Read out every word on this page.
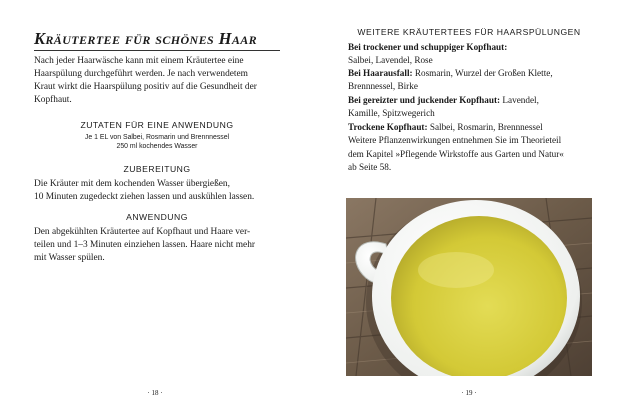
Kräutertee für schönes Haar
Nach jeder Haarwäsche kann mit einem Kräutertee eine
Haarspülung durchgeführt werden. Je nach verwendetem
Kraut wirkt die Haarspülung positiv auf die Gesundheit der
Kopfhaut.
ZUTATEN FÜR EINE ANWENDUNG
Je 1 EL von Salbei, Rosmarin und Brennnessel
250 ml kochendes Wasser
ZUBEREITUNG
Die Kräuter mit dem kochenden Wasser übergießen,
10 Minuten zugedeckt ziehen lassen und auskühlen lassen.
ANWENDUNG
Den abgekühlten Kräutertee auf Kopfhaut und Haare ver-
teilen und 1–3 Minuten einziehen lassen. Haare nicht mehr
mit Wasser spülen.
· 18 ·
WEITERE KRÄUTERTEES FÜR HAARSPÜLUNGEN
Bei trockener und schuppiger Kopfhaut:
Salbei, Lavendel, Rose
Bei Haarausfall: Rosmarin, Wurzel der Großen Klette,
Brennnessel, Birke
Bei gereizter und juckender Kopfhaut: Lavendel,
Kamille, Spitzwegerich
Trockene Kopfhaut: Salbei, Rosmarin, Brennnessel
Weitere Pflanzenwirkungen entnehmen Sie im Theorieteil
dem Kapitel »Pflegende Wirkstoffe aus Garten und Natur«
ab Seite 58.
· 19 ·
